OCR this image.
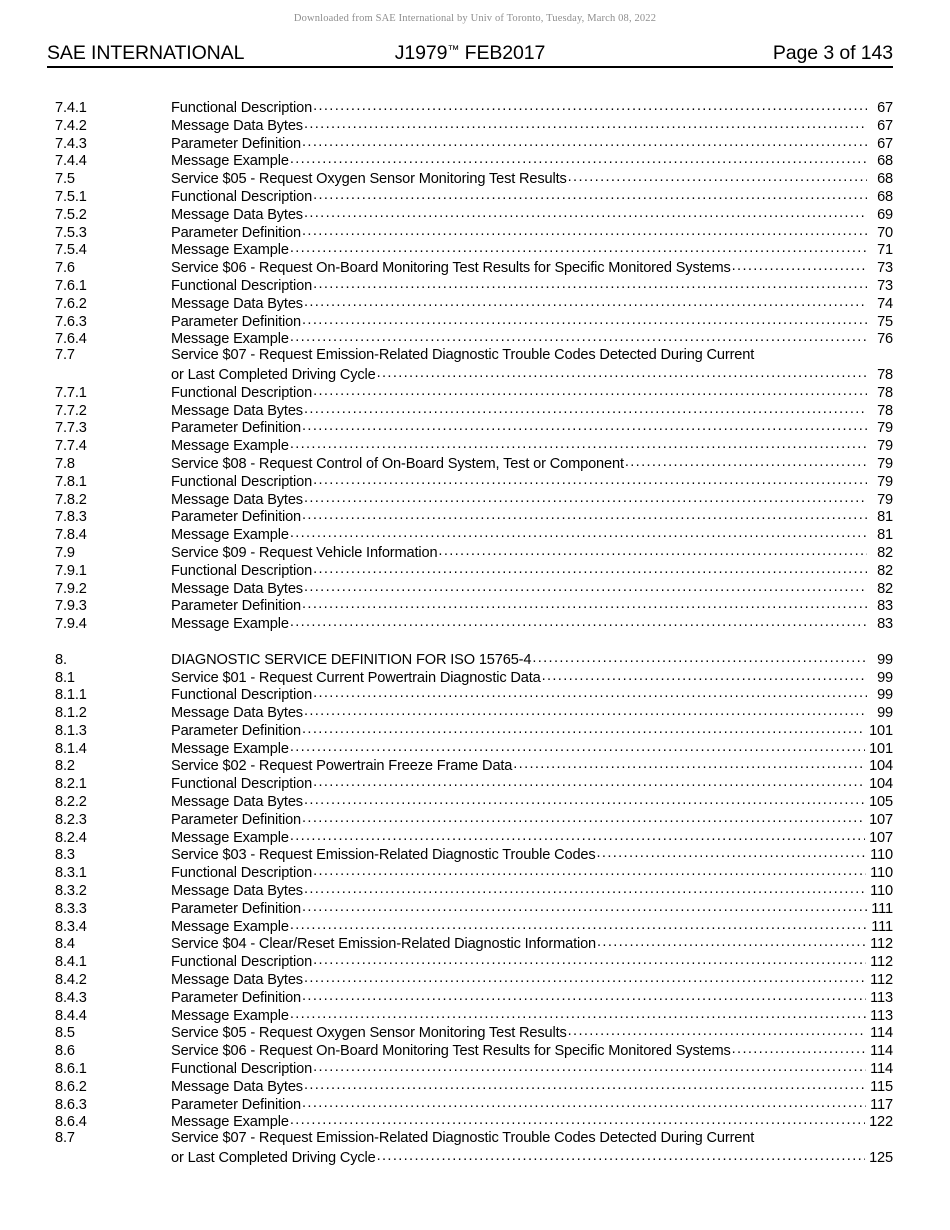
Downloaded from SAE International by Univ of Toronto, Tuesday, March 08, 2022
SAE INTERNATIONAL	J1979™ FEB2017	Page 3 of 143
7.4.1	Functional Description .....	67
7.4.2	Message Data Bytes .....	67
7.4.3	Parameter Definition .....	67
7.4.4	Message Example .....	68
7.5	Service $05 - Request Oxygen Sensor Monitoring Test Results .....	68
7.5.1	Functional Description .....	68
7.5.2	Message Data Bytes .....	69
7.5.3	Parameter Definition .....	70
7.5.4	Message Example .....	71
7.6	Service $06 - Request On-Board Monitoring Test Results for Specific Monitored Systems .....	73
7.6.1	Functional Description .....	73
7.6.2	Message Data Bytes .....	74
7.6.3	Parameter Definition .....	75
7.6.4	Message Example .....	76
7.7	Service $07 - Request Emission-Related Diagnostic Trouble Codes Detected During Current
or Last Completed Driving Cycle .....	78
7.7.1	Functional Description .....	78
7.7.2	Message Data Bytes .....	78
7.7.3	Parameter Definition .....	79
7.7.4	Message Example .....	79
7.8	Service $08 - Request Control of On-Board System, Test or Component .....	79
7.8.1	Functional Description .....	79
7.8.2	Message Data Bytes .....	79
7.8.3	Parameter Definition .....	81
7.8.4	Message Example .....	81
7.9	Service $09 - Request Vehicle Information .....	82
7.9.1	Functional Description .....	82
7.9.2	Message Data Bytes .....	82
7.9.3	Parameter Definition .....	83
7.9.4	Message Example .....	83
8.	DIAGNOSTIC SERVICE DEFINITION FOR ISO 15765-4 .....	99
8.1	Service $01 - Request Current Powertrain Diagnostic Data .....	99
8.1.1	Functional Description .....	99
8.1.2	Message Data Bytes .....	99
8.1.3	Parameter Definition .....	101
8.1.4	Message Example .....	101
8.2	Service $02 - Request Powertrain Freeze Frame Data .....	104
8.2.1	Functional Description .....	104
8.2.2	Message Data Bytes .....	105
8.2.3	Parameter Definition .....	107
8.2.4	Message Example .....	107
8.3	Service $03 - Request Emission-Related Diagnostic Trouble Codes .....	110
8.3.1	Functional Description .....	110
8.3.2	Message Data Bytes .....	110
8.3.3	Parameter Definition .....	111
8.3.4	Message Example .....	111
8.4	Service $04 - Clear/Reset Emission-Related Diagnostic Information .....	112
8.4.1	Functional Description .....	112
8.4.2	Message Data Bytes .....	112
8.4.3	Parameter Definition .....	113
8.4.4	Message Example .....	113
8.5	Service $05 - Request Oxygen Sensor Monitoring Test Results .....	114
8.6	Service $06 - Request On-Board Monitoring Test Results for Specific Monitored Systems .....	114
8.6.1	Functional Description .....	114
8.6.2	Message Data Bytes .....	115
8.6.3	Parameter Definition .....	117
8.6.4	Message Example .....	122
8.7	Service $07 - Request Emission-Related Diagnostic Trouble Codes Detected During Current
or Last Completed Driving Cycle .....	125
